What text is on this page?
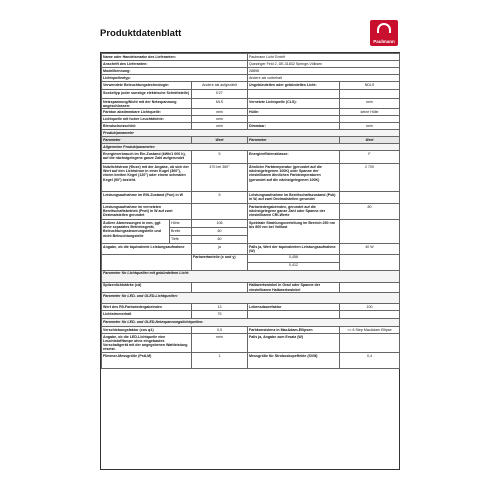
Produktdatenblatt
Paulmann
Name oder Handelsmarke des Lieferanten:			Paulmann Licht GmbH	
Anschrift des Lieferanten:			Quezinger Feld 2, DE-31832 Springe-Völksen	
Modellkennung:			28898	
Lichtquellentyp:			Andere als vorbehalt	
Verwendete Beleuchtungstechnologie:		Andere als aufgezählt	Ungebündeltes oder gebündeltes Licht:	NDLS
Sockeltyp (oder sonstige elektrische Schnittstelle)		E27		
Netzspannung/Nicht mit der Netzspannung angeschlossen:		MLS	Vernetzte Lichtquelle (CLS):	nein
Farbton abstimmbare Lichtquelle:		nein	Hülle:	keine Hülle
Lichtquelle mit hoher Leuchtdichte:		nein		
Blendschutzschild:		nein	Dimmbar:	nein
Produktparameter				
Parameter		Wert	Parameter	Wert
Allgemeine Produktparameter:				
Energieverbrauch im Ein-Zustand (kWh/1 000 h), auf die nächstgelegene ganze Zahl aufgerundet		5	Energieeffizienzklasse:	F
Nutzlichtstrom (Φuse) mit der Angabe, ob sich der Wert auf den Lichtstrom in einer Kugel (360°), einem breiten Kegel (120°) oder einem schmalen Kegel (90°) bezieht.		470 bei 360°	Ähnliche Farbtemperatur (gerundet auf die nächstgelegenen 100K) oder Spanne der einstellbaren ähnlichen Farbtemperaturen (gerundet auf die nächstgelegenen 100K)	2 700
Leistungsaufnahme im EIN-Zustand (Pon) in W		5	Leistungsaufnahme im Bereitschaftszustand (Psb) in W, auf zwei Dezimalstellen gerundet	
Leistungsaufnahme im vernetzten Bereitschaftsbetrieb (Pnet) in W auf zwei Dezimalstellen gerundet			Farbwiedergabeindex, gerundet auf die nächstgelegene ganze Zahl oder Spanne der einstellbaren CRI-Werte	80
Äußere Abmessungen in mm, ggf. ohne separates Betriebsgerät, Beleuchtungssteuerungsteile und nicht Beleuchtungsteile	Höhe	108	Spektrale Strahlungsverteilung im Bereich 250 nm bis 800 nm bei Volllast	
	Breite	60		
	Tiefe	60		
Angabe, ob die äquivalente Leistungsaufnahme		ja	Falls ja, Wert der äquivalenten Leistungsaufnahme (W)	40 W
		Farbwertanteile (x und y)	0,456	
			0,412	
Parameter für Lichtquellen mit gebündeltem Licht:				
Spitzenlichtstärke (cd)			Halbwertswinkel in Grad oder Spanne der einstellbaren Halbwertswinkel	
Parameter für LED- und OLED-Lichtquellen:				
Wert des R9-Farbwiedergabeindex		13	Lebensdauerfaktor	100
Lichtstromerhalt		75		
Parameter für LED- und OLED-Netzspannungslichtquellen:				
Verschiebungsfaktor (cos φ1)		0,5	Farbkonsistenz in MacAdam-Ellipsen	<= 6 Step MacAdam Ellipse
Angabe, ob die LED-Lichtquelle eine Leuchtstofflampe ohne eingebautes Vorschaltgerät mit der angegebenen Wattleistung ersetzt.		nein	Falls ja, Angabe zum Ersatz (W)	
Flimmer-Messgröße (PstLM)		1	Messgröße für Stroboskopeffekte (SVM)	0,4
